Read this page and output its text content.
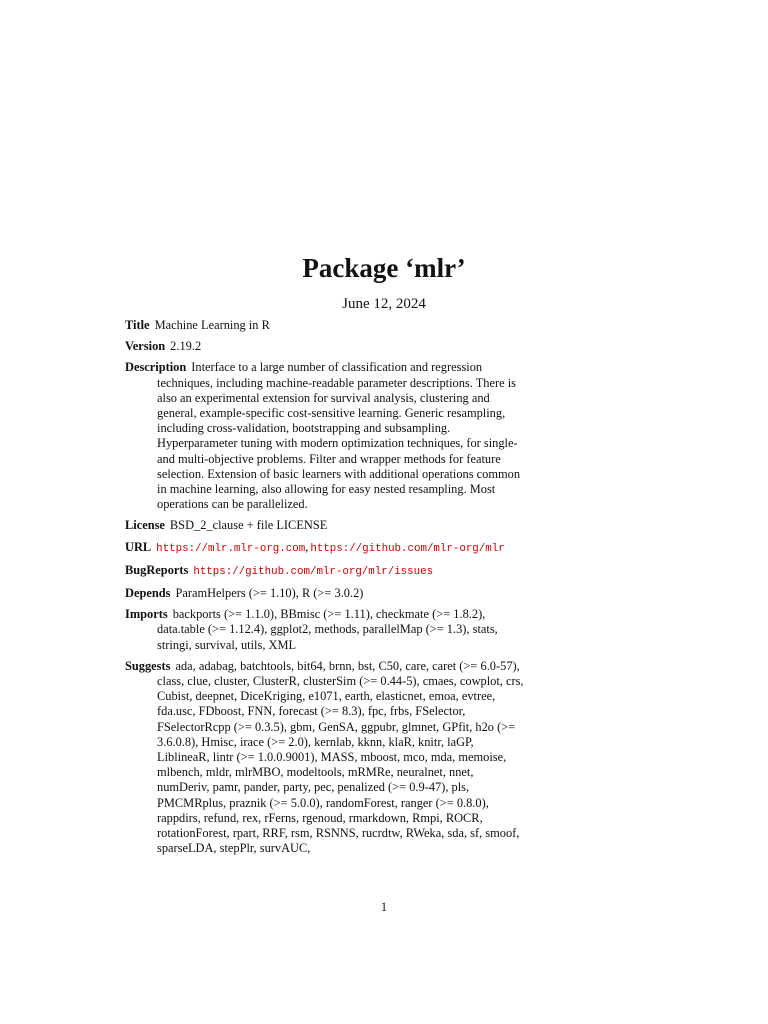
Package ‘mlr’
June 12, 2024
Title Machine Learning in R
Version 2.19.2
Description Interface to a large number of classification and regression techniques, including machine-readable parameter descriptions. There is also an experimental extension for survival analysis, clustering and general, example-specific cost-sensitive learning. Generic resampling, including cross-validation, bootstrapping and subsampling. Hyperparameter tuning with modern optimization techniques, for single- and multi-objective problems. Filter and wrapper methods for feature selection. Extension of basic learners with additional operations common in machine learning, also allowing for easy nested resampling. Most operations can be parallelized.
License BSD_2_clause + file LICENSE
URL https://mlr.mlr-org.com, https://github.com/mlr-org/mlr
BugReports https://github.com/mlr-org/mlr/issues
Depends ParamHelpers (>= 1.10), R (>= 3.0.2)
Imports backports (>= 1.1.0), BBmisc (>= 1.11), checkmate (>= 1.8.2), data.table (>= 1.12.4), ggplot2, methods, parallelMap (>= 1.3), stats, stringi, survival, utils, XML
Suggests ada, adabag, batchtools, bit64, brnn, bst, C50, care, caret (>= 6.0-57), class, clue, cluster, ClusterR, clusterSim (>= 0.44-5), cmaes, cowplot, crs, Cubist, deepnet, DiceKriging, e1071, earth, elasticnet, emoa, evtree, fda.usc, FDboost, FNN, forecast (>= 8.3), fpc, frbs, FSelector, FSelectorRcpp (>= 0.3.5), gbm, GenSA, ggpubr, glmnet, GPfit, h2o (>= 3.6.0.8), Hmisc, irace (>= 2.0), kernlab, kknn, klaR, knitr, laGP, LiblineaR, lintr (>= 1.0.0.9001), MASS, mboost, mco, mda, memoise, mlbench, mldr, mlrMBO, modeltools, mRMRe, neuralnet, nnet, numDeriv, pamr, pander, party, pec, penalized (>= 0.9-47), pls, PMCMRplus, praznik (>= 5.0.0), randomForest, ranger (>= 0.8.0), rappdirs, refund, rex, rFerns, rgenoud, rmarkdown, Rmpi, ROCR, rotationForest, rpart, RRF, rsm, RSNNS, rucrdtw, RWeka, sda, sf, smoof, sparseLDA, stepPlr, survAUC,
1
